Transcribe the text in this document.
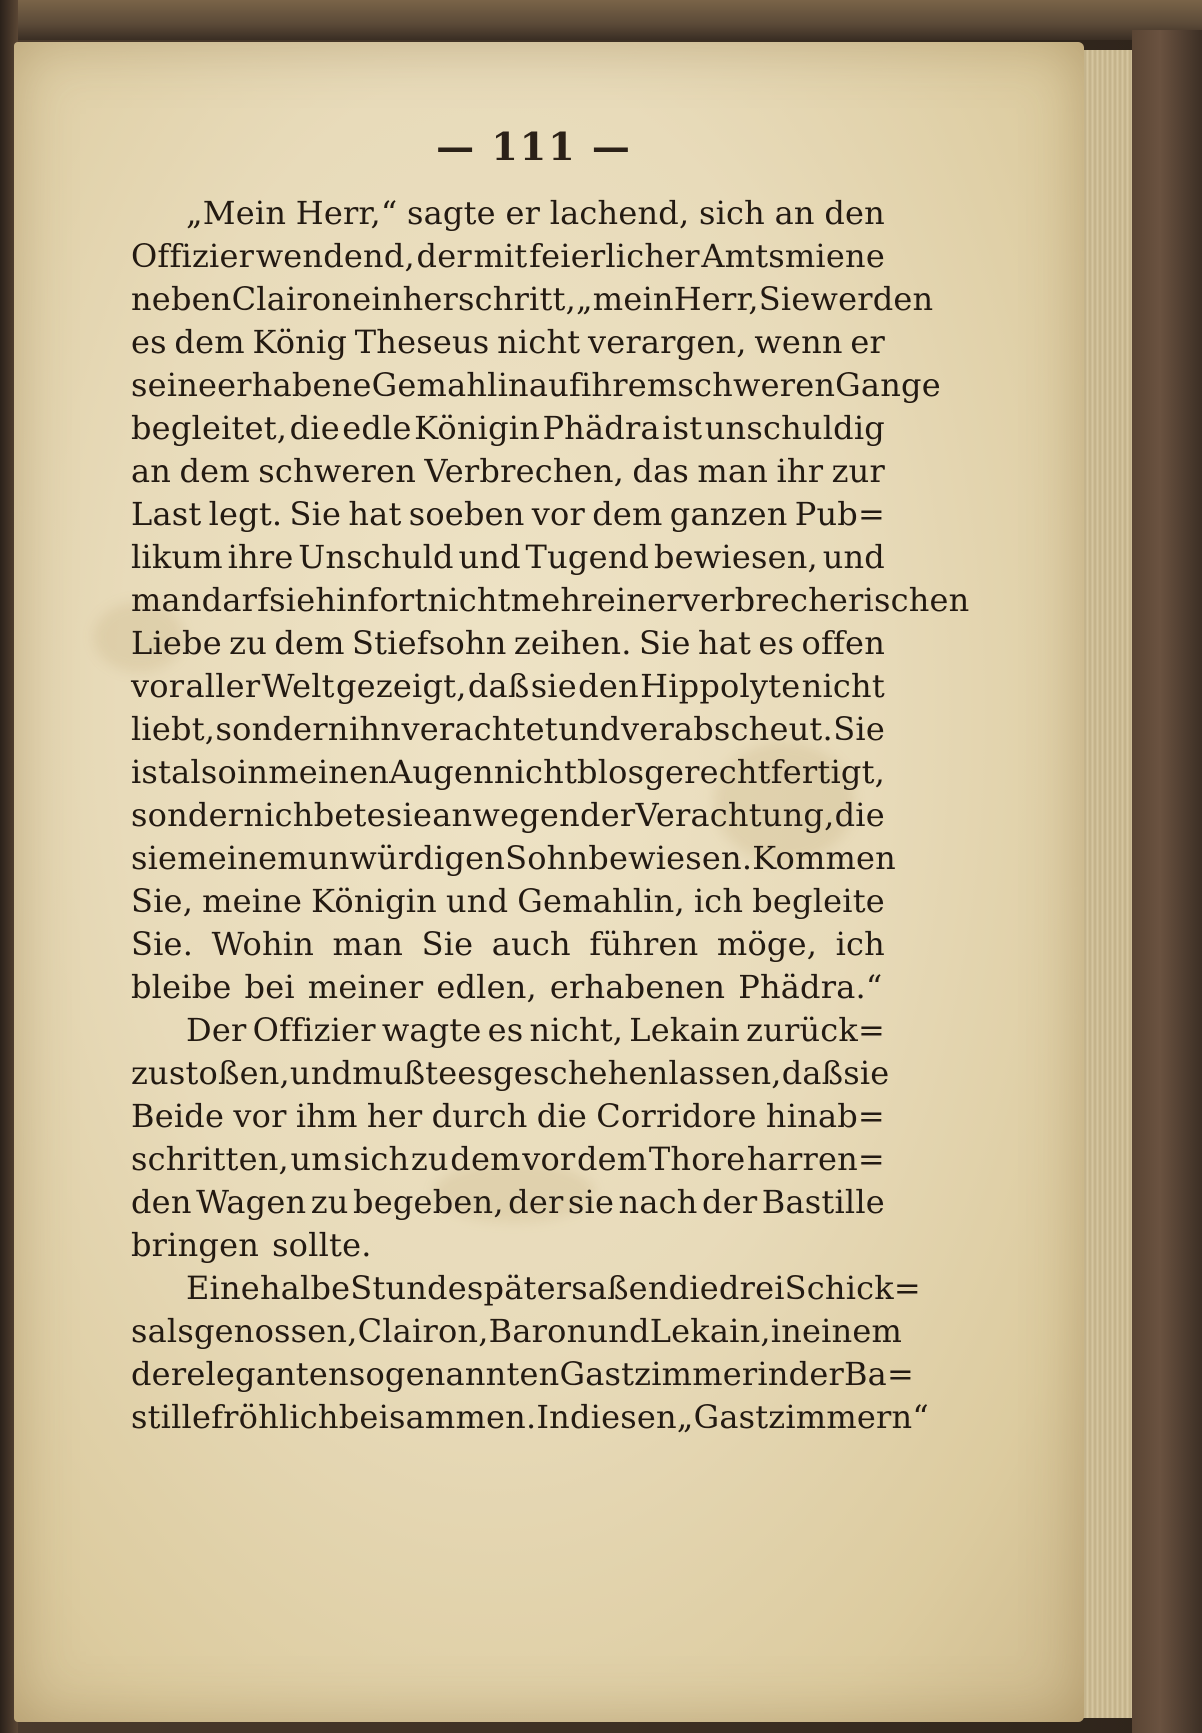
— 111 —
„Mein Herr,“ sagte er lachend, sich an den
Offizier wendend, der mit feierlicher Amtsmiene
neben Clairon einherschritt, „mein Herr, Sie werden
es dem König Theseus nicht verargen, wenn er
seine erhabene Gemahlin auf ihrem schweren Gange
begleitet, die edle Königin Phädra ist unschuldig
an dem schweren Verbrechen, das man ihr zur
Last legt. Sie hat soeben vor dem ganzen Pub=
likum ihre Unschuld und Tugend bewiesen, und
man darf sie hinfort nicht mehr einer verbrecherischen
Liebe zu dem Stiefsohn zeihen. Sie hat es offen
vor aller Welt gezeigt, daß sie den Hippolyte nicht
liebt, sondern ihn verachtet und verabscheut. Sie
ist also in meinen Augen nicht blos gerechtfertigt,
sondern ich bete sie an wegen der Verachtung, die
sie meinem unwürdigen Sohn bewiesen. Kommen
Sie, meine Königin und Gemahlin, ich begleite
Sie. Wohin man Sie auch führen möge, ich
bleibe bei meiner edlen, erhabenen Phädra.“
Der Offizier wagte es nicht, Lekain zurück=
zustoßen, und mußte es geschehen lassen, daß sie
Beide vor ihm her durch die Corridore hinab=
schritten, um sich zu dem vor dem Thore harren=
den Wagen zu begeben, der sie nach der Bastille
bringen sollte.
Eine halbe Stunde später saßen die drei Schick=
salsgenossen, Clairon, Baron und Lekain, in einem
der eleganten sogenannten Gastzimmer in der Ba=
stille fröhlich beisammen. In diesen „Gastzimmern“
